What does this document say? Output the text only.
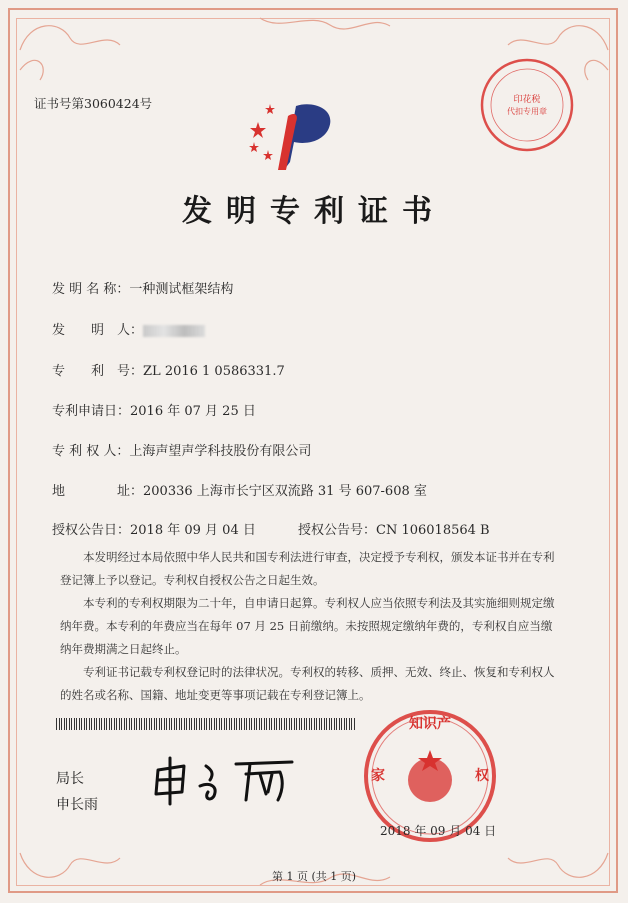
证书号第3060424号	印花税
代扣专用章
发明专利证书
发 明 名 称：一种测试框架结构
发　　明　人：
专　　利　号：ZL 2016 1 0586331.7
专利申请日：2016 年 07 月 25 日
专 利 权 人：上海声望声学科技股份有限公司
地　　　　址：200336 上海市长宁区双流路 31 号 607-608 室
授权公告日：2018 年 09 月 04 日	授权公告号：CN 106018564 B

本发明经过本局依照中华人民共和国专利法进行审查，决定授予专利权，颁发本证书并在专利登记簿上予以登记。专利权自授权公告之日起生效。

本专利的专利权期限为二十年，自申请日起算。专利权人应当依照专利法及其实施细则规定缴纳年费。本专利的年费应当在每年 07 月 25 日前缴纳。未按照规定缴纳年费的，专利权自应当缴纳年费期满之日起终止。

专利证书记载专利权登记时的法律状况。专利权的转移、质押、无效、终止、恢复和专利权人的姓名或名称、国籍、地址变更等事项记载在专利登记簿上。

局长
申长雨
知识产
家	权
2018 年 09 月 04 日
第 1 页 (共 1 页)
